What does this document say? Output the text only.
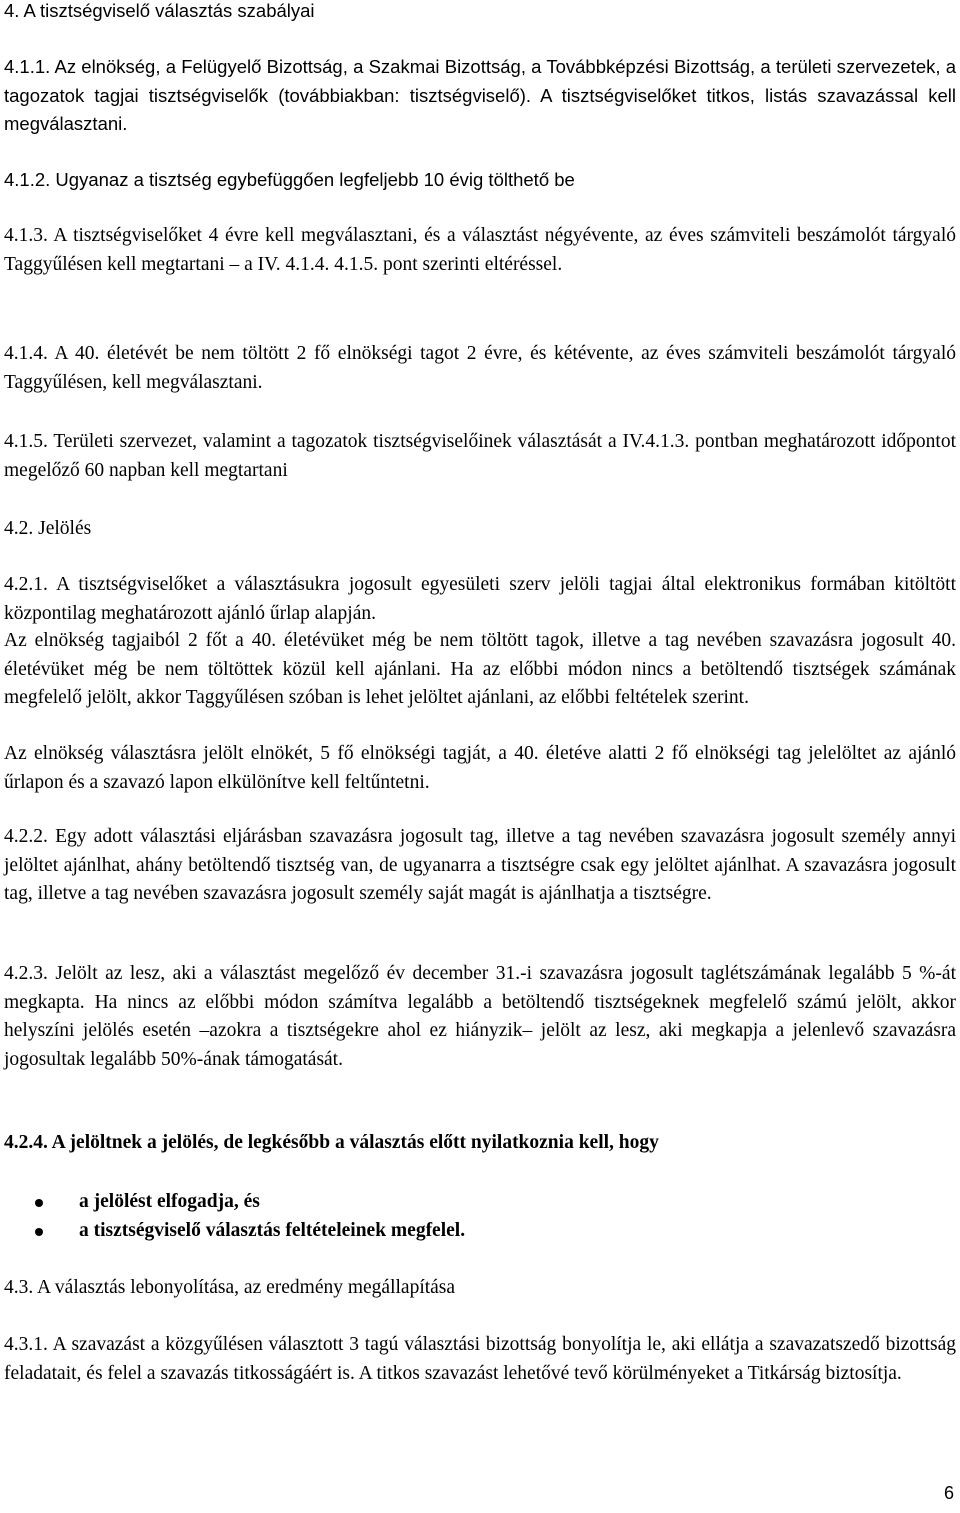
4. A tisztségviselő választás szabályai

4.1.1. Az elnökség, a Felügyelő Bizottság, a Szakmai Bizottság, a Továbbképzési Bizottság, a területi szervezetek, a tagozatok tagjai tisztségviselők (továbbiakban: tisztségviselő). A tisztségviselőket titkos, listás szavazással kell megválasztani.

4.1.2. Ugyanaz a tisztség egybefüggően legfeljebb 10 évig tölthető be

4.1.3. A tisztségviselőket 4 évre kell megválasztani, és a választást négyévente, az éves számviteli beszámolót tárgyaló Taggyűlésen kell megtartani – a IV. 4.1.4. 4.1.5. pont szerinti eltéréssel.

4.1.4. A 40. életévét be nem töltött 2 fő elnökségi tagot 2 évre, és kétévente, az éves számviteli beszámolót tárgyaló Taggyűlésen, kell megválasztani.

4.1.5. Területi szervezet, valamint a tagozatok tisztségviselőinek választását a IV.4.1.3. pontban meghatározott időpontot megelőző 60 napban kell megtartani

4.2. Jelölés

4.2.1. A tisztségviselőket a választásukra jogosult egyesületi szerv jelöli tagjai által elektronikus formában kitöltött központilag meghatározott ajánló űrlap alapján.

Az elnökség tagjaiból 2 főt a 40. életévüket még be nem töltött tagok, illetve a tag nevében szavazásra jogosult 40. életévüket még be nem töltöttek közül kell ajánlani. Ha az előbbi módon nincs a betöltendő tisztségek számának megfelelő jelölt, akkor Taggyűlésen szóban is lehet jelöltet ajánlani, az előbbi feltételek szerint.

Az elnökség választásra jelölt elnökét, 5 fő elnökségi tagját, a 40. életéve alatti 2 fő elnökségi tag jelelöltet az ajánló űrlapon és a szavazó lapon elkülönítve kell feltűntetni.

4.2.2. Egy adott választási eljárásban szavazásra jogosult tag, illetve a tag nevében szavazásra jogosult személy annyi jelöltet ajánlhat, ahány betöltendő tisztség van, de ugyanarra a tisztségre csak egy jelöltet ajánlhat. A szavazásra jogosult tag, illetve a tag nevében szavazásra jogosult személy saját magát is ajánlhatja a tisztségre.

4.2.3. Jelölt az lesz, aki a választást megelőző év december 31.-i szavazásra jogosult taglétszámának legalább 5 %-át megkapta. Ha nincs az előbbi módon számítva legalább a betöltendő tisztségeknek megfelelő számú jelölt, akkor helyszíni jelölés esetén –azokra a tisztségekre ahol ez hiányzik– jelölt az lesz, aki megkapja a jelenlevő szavazásra jogosultak legalább 50%-ának támogatását.

4.2.4. A jelöltnek a jelölés, de legkésőbb a választás előtt nyilatkoznia kell, hogy

a jelölést elfogadja, és
a tisztségviselő választás feltételeinek megfelel.

4.3. A választás lebonyolítása, az eredmény megállapítása

4.3.1. A szavazást a közgyűlésen választott 3 tagú választási bizottság bonyolítja le, aki ellátja a szavazatszedő bizottság feladatait, és felel a szavazás titkosságáért is. A titkos szavazást lehetővé tevő körülményeket a Titkárság biztosítja.

6
